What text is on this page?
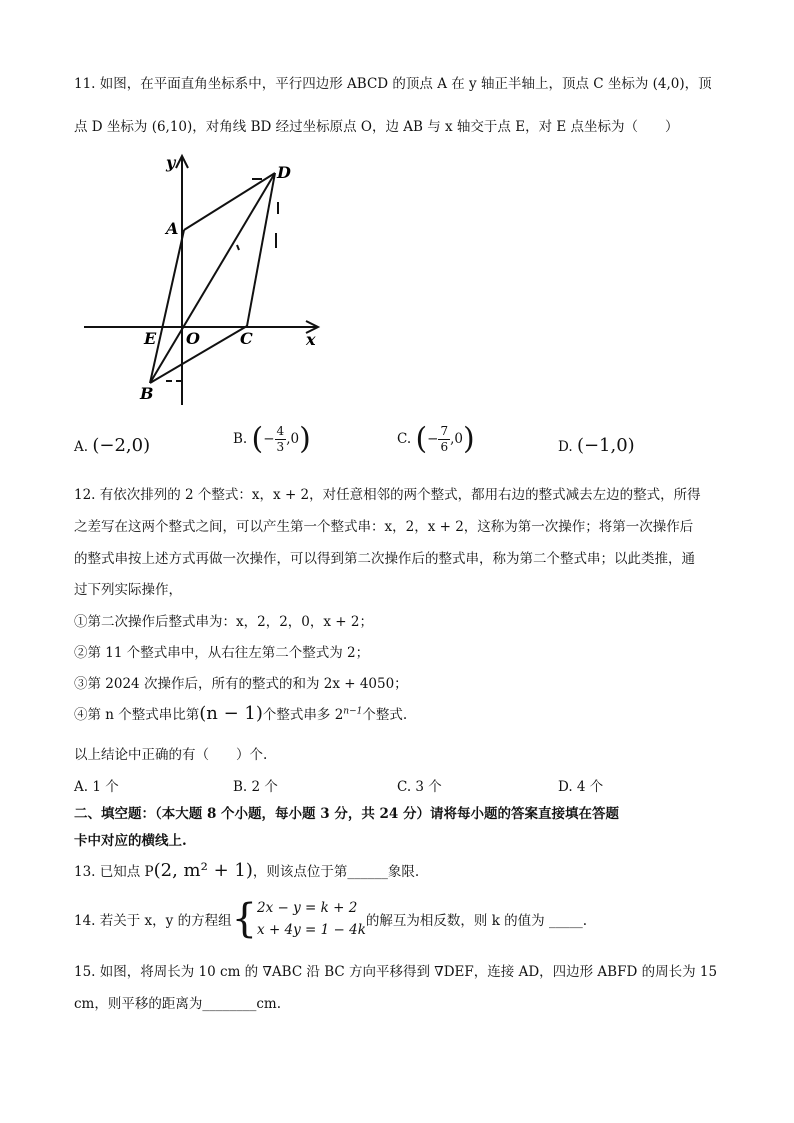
11. 如图，在平面直角坐标系中，平行四边形 ABCD 的顶点 A 在 y 轴正半轴上，顶点 C 坐标为 (4,0)，顶
点 D 坐标为 (6,10)，对角线 BD 经过坐标原点 O，边 AB 与 x 轴交于点 E，对 E 点坐标为（　　）
y
D
A
E O	C	x
B
A. (−2,0)	B. (− $\frac{4}{3} ,0$)	C. (− $\frac{7}{6} ,0$)	D. (−1,0)
12. 有依次排列的 2 个整式：x，x + 2，对任意相邻的两个整式，都用右边的整式减去左边的整式，所得
之差写在这两个整式之间，可以产生第一个整式串：x，2，x + 2，这称为第一次操作；将第一次操作后
的整式串按上述方式再做一次操作，可以得到第二次操作后的整式串，称为第二个整式串；以此类推，通
过下列实际操作，
①第二次操作后整式串为：x，2，2，0，x + 2；
②第 11 个整式串中，从右往左第二个整式为 2；
③第 2024 次操作后，所有的整式的和为 2x + 4050；
④第 n 个整式串比第(n − 1)个整式串多 $2^{n-1}$个整式.
以上结论中正确的有（　　）个.
A. 1 个	B. 2 个	C. 3 个	D. 4 个
二、填空题：（本大题 8 个小题，每小题 3 分，共 24 分）请将每小题的答案直接填在答题
卡中对应的横线上.
13. 已知点 P(2, m² + 1)，则该点位于第______象限.
14. 若关于 x，y 的方程组{ 2x − y = k + 2
x + 4y = 1 − 4k
的解互为相反数，则 k 的值为 _____.
15. 如图，将周长为 10 cm 的 ∇ABC 沿 BC 方向平移得到 ∇DEF，连接 AD，四边形 ABFD 的周长为 15
cm，则平移的距离为________cm.
